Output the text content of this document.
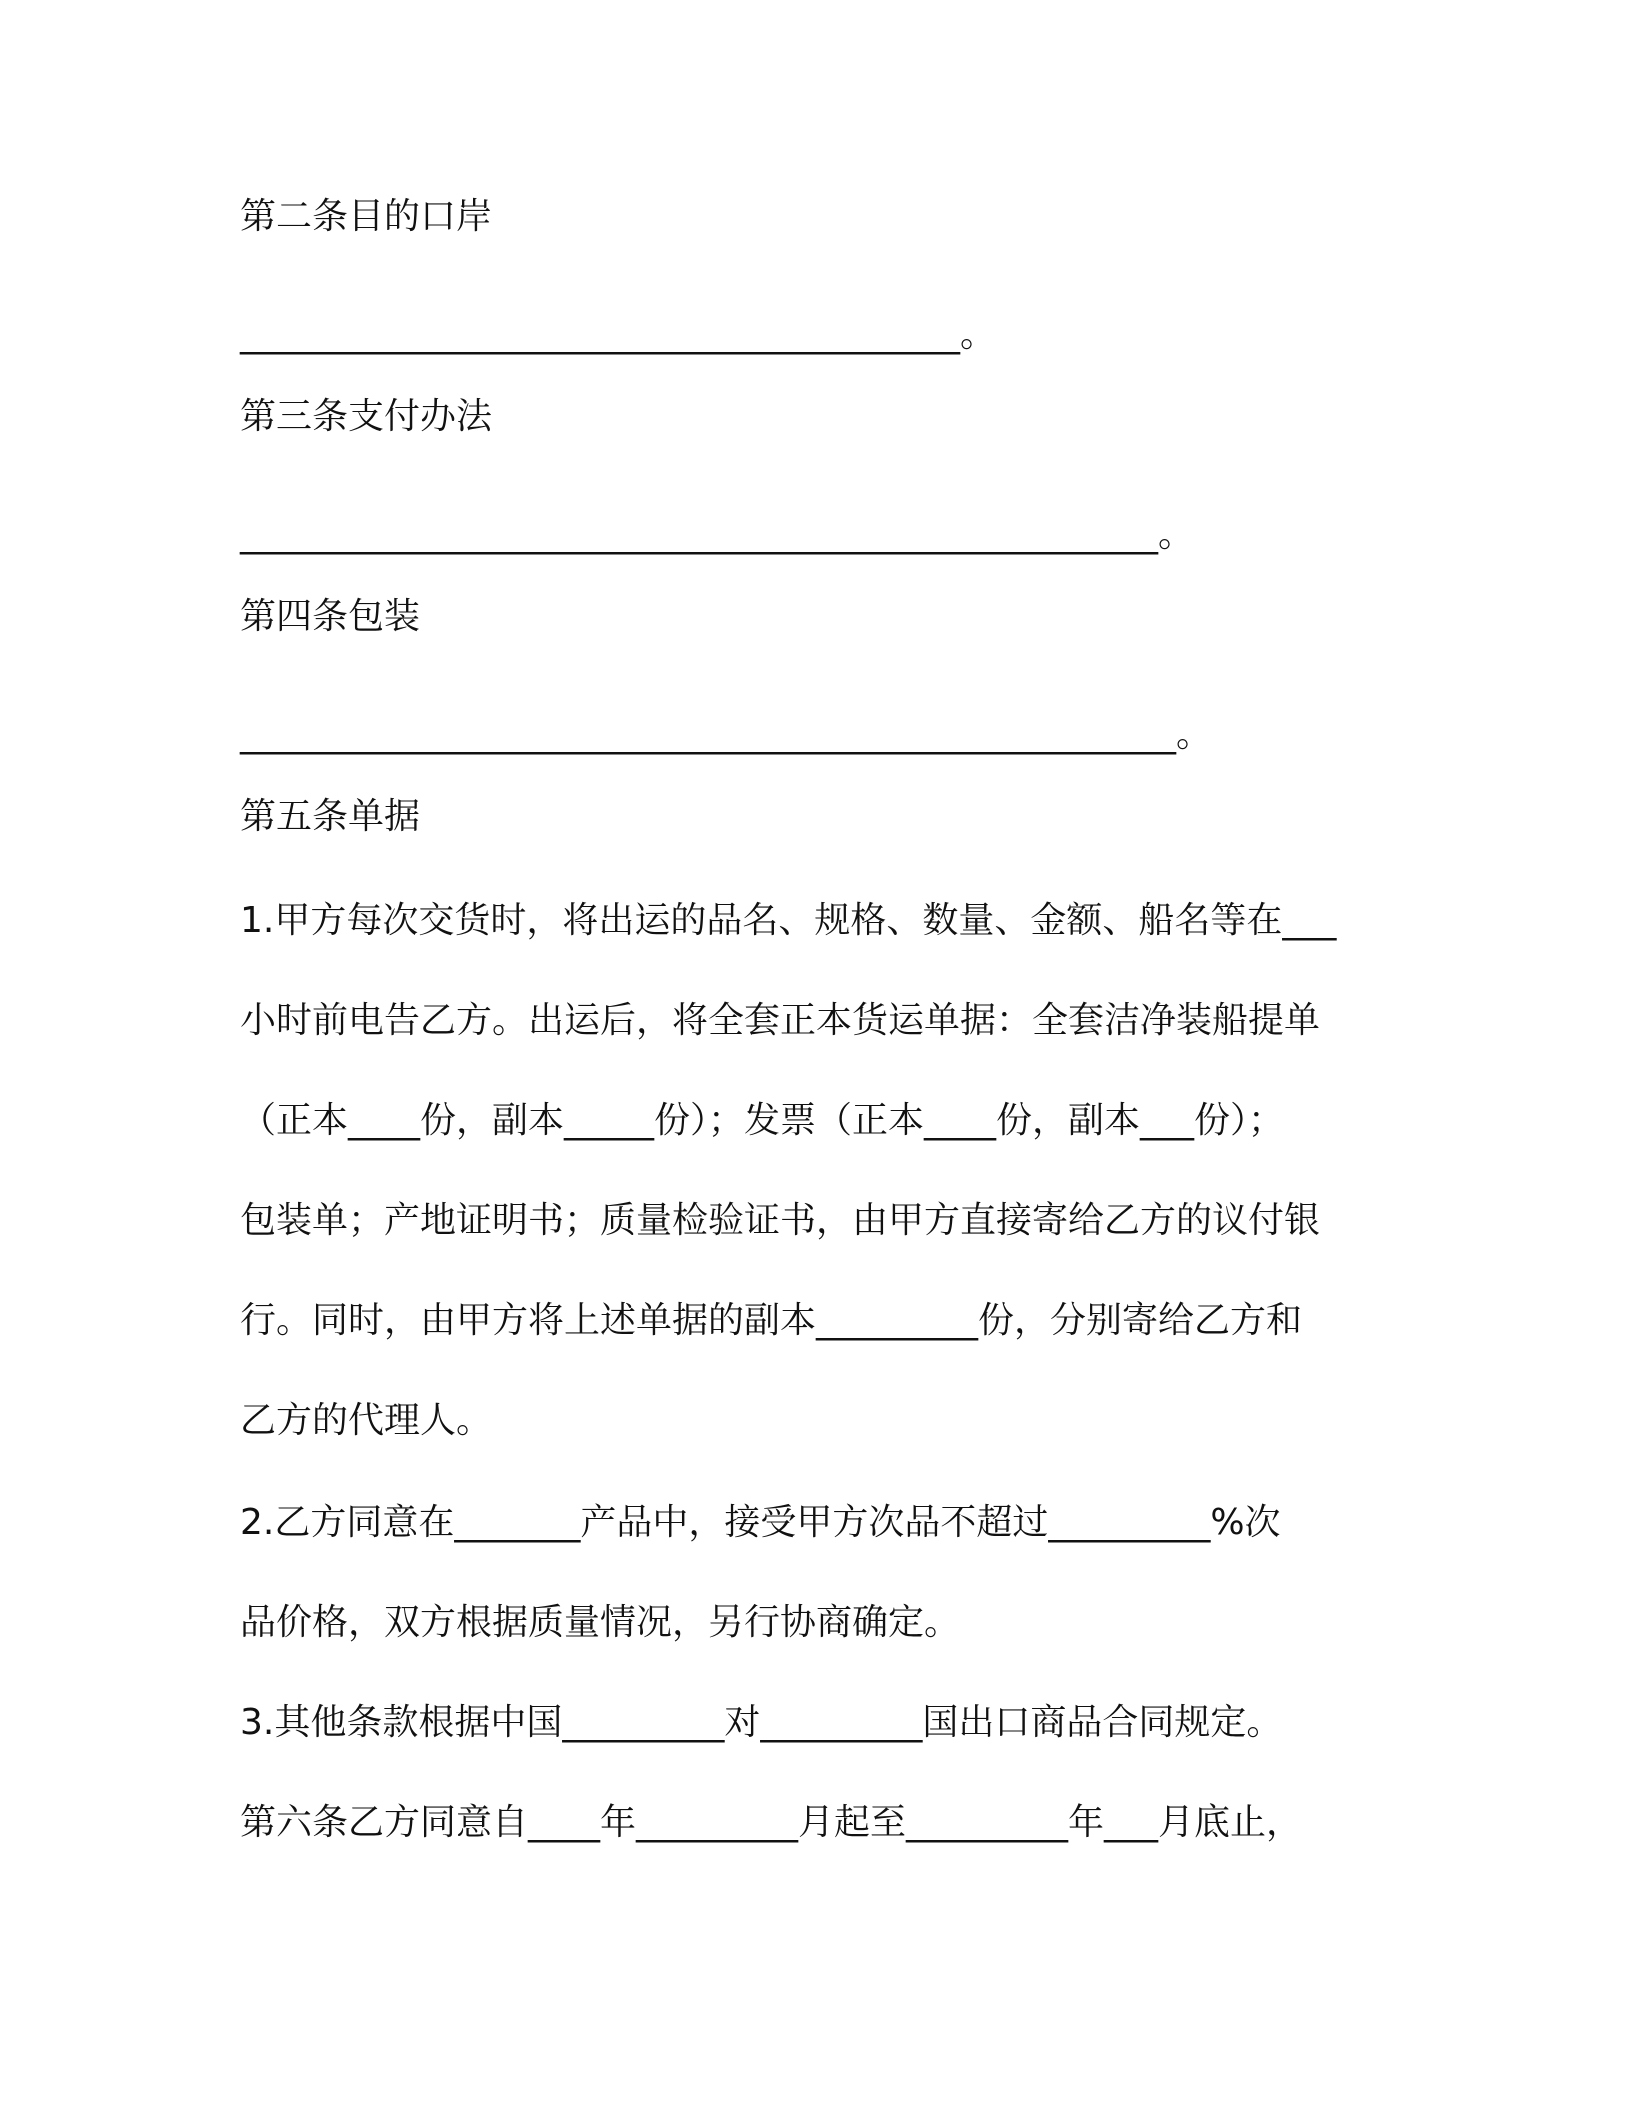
第二条目的口岸

________________________________________。

第三条支付办法

___________________________________________________。

第四条包装

____________________________________________________。

第五条单据

1.甲方每次交货时，将出运的品名、规格、数量、金额、船名等在___

小时前电告乙方。出运后，将全套正本货运单据：全套洁净装船提单

（正本____份，副本_____份）；发票（正本____份，副本___份）；

包装单；产地证明书；质量检验证书，由甲方直接寄给乙方的议付银

行。同时，由甲方将上述单据的副本_________份，分别寄给乙方和

乙方的代理人。

2.乙方同意在_______产品中，接受甲方次品不超过_________%次

品价格，双方根据质量情况，另行协商确定。

3.其他条款根据中国_________对_________国出口商品合同规定。

第六条乙方同意自____年_________月起至_________年___月底止，
